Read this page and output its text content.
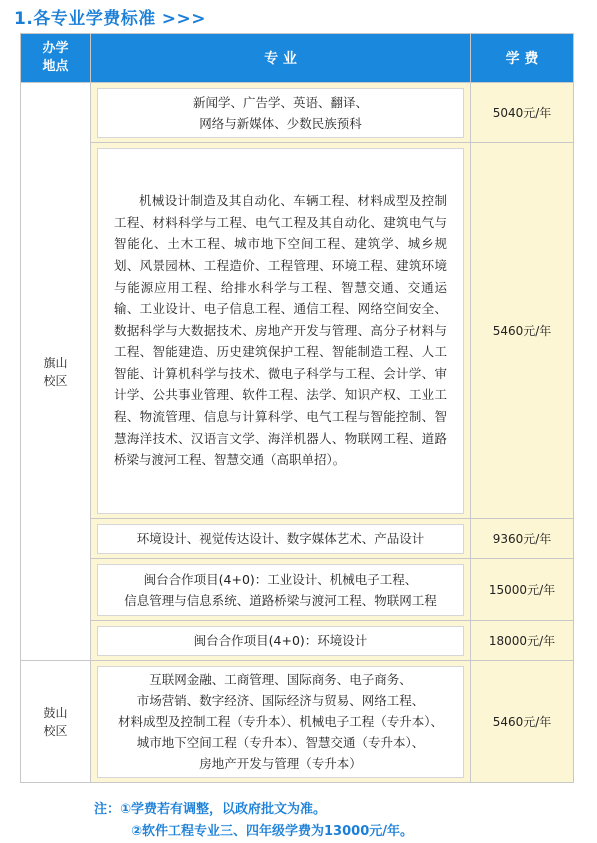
1.各专业学费标准 >>>
办学
地点	专 业	学 费
旗山
校区	新闻学、广告学、英语、翻译、
网络与新媒体、少数民族预科	5040元/年

	机械设计制造及其自动化、车辆工程、材料成型及控制工程、材料科学与工程、电气工程及其自动化、建筑电气与智能化、土木工程、城市地下空间工程、建筑学、城乡规划、风景园林、工程造价、工程管理、环境工程、建筑环境与能源应用工程、给排水科学与工程、智慧交通、交通运输、工业设计、电子信息工程、通信工程、网络空间安全、数据科学与大数据技术、房地产开发与管理、高分子材料与工程、智能建造、历史建筑保护工程、智能制造工程、人工智能、计算机科学与技术、微电子科学与工程、会计学、审计学、公共事业管理、软件工程、法学、知识产权、工业工程、物流管理、信息与计算科学、电气工程与智能控制、智慧海洋技术、汉语言文学、海洋机器人、物联网工程、道路桥梁与渡河工程、智慧交通（高职单招）。	5460元/年

	环境设计、视觉传达设计、数字媒体艺术、产品设计	9360元/年

	闽台合作项目(4+0)：工业设计、机械电子工程、
信息管理与信息系统、道路桥梁与渡河工程、物联网工程	15000元/年

	闽台合作项目(4+0)：环境设计	18000元/年
鼓山
校区	互联网金融、工商管理、国际商务、电子商务、
市场营销、数字经济、国际经济与贸易、网络工程、
材料成型及控制工程（专升本）、机械电子工程（专升本）、
城市地下空间工程（专升本）、智慧交通（专升本）、
房地产开发与管理（专升本）	5460元/年
注：①学费若有调整，以政府批文为准。
②软件工程专业三、四年级学费为13000元/年。
